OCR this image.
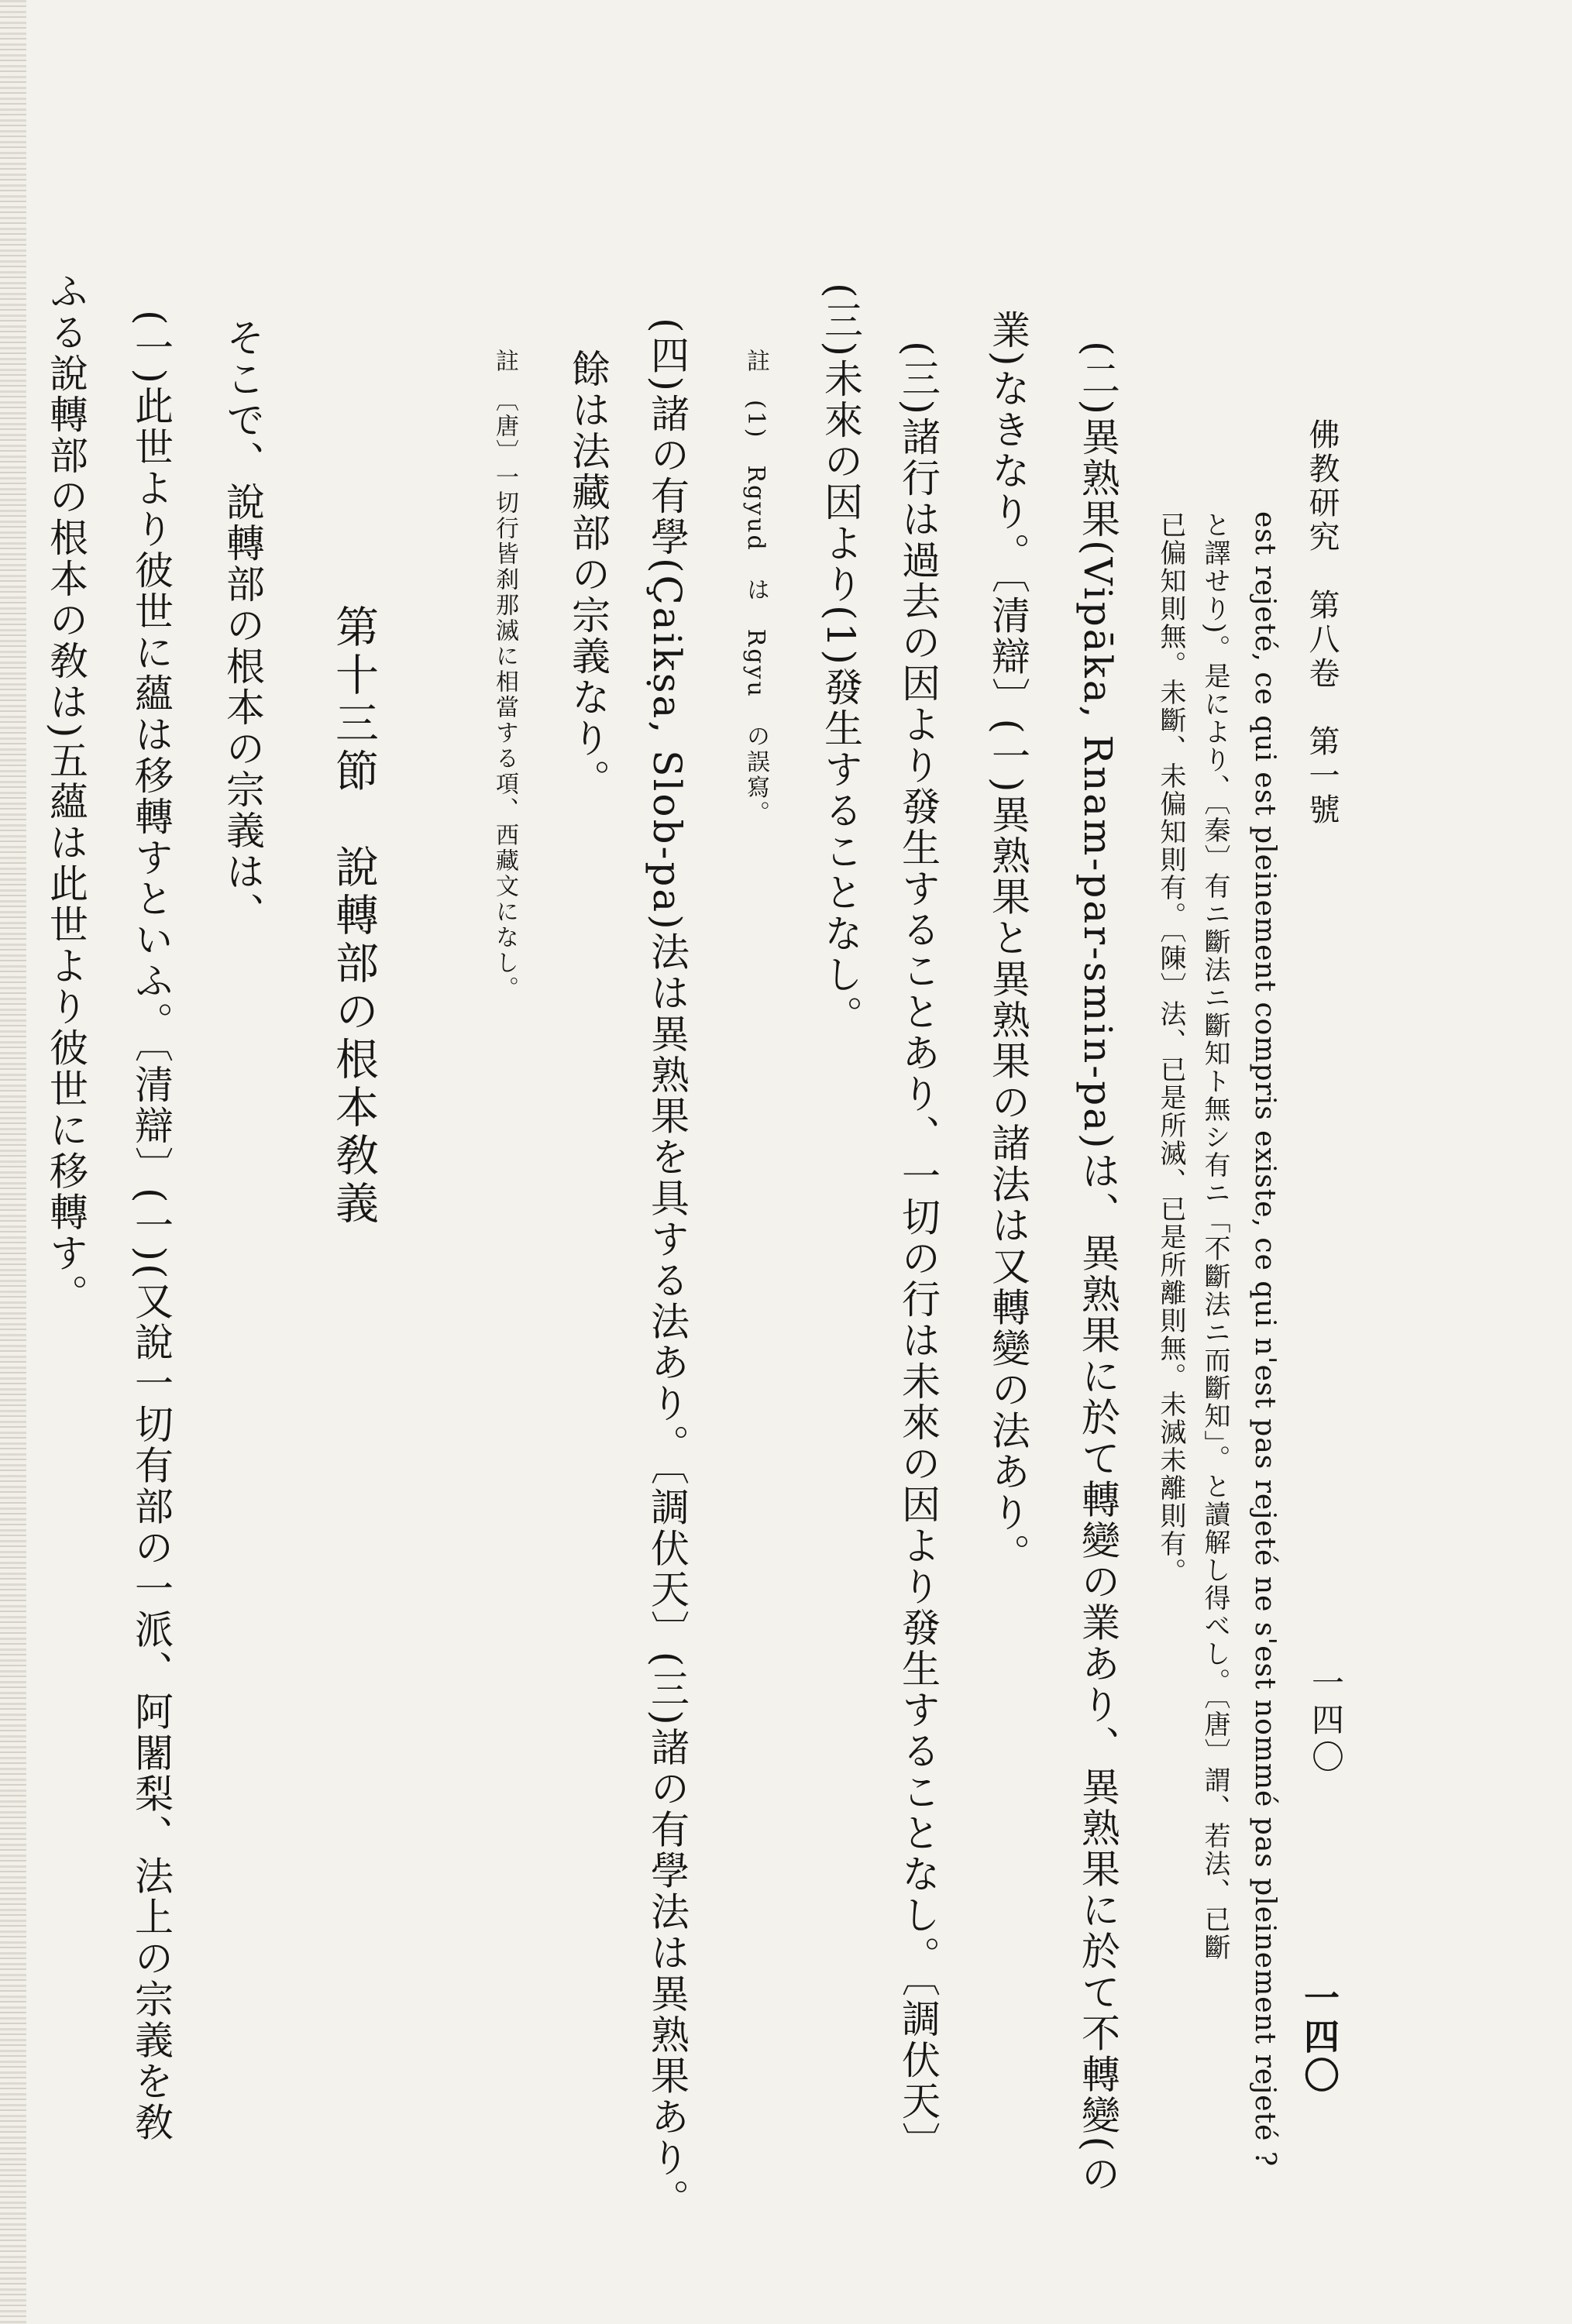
佛教研究　第八卷　第一號
一四〇
一四〇
est rejeté, ce qui est pleinement compris existe, ce qui n'est pas rejeté ne s'est nommé pas pleinement rejeté ?
と譯せり)。是により、〔秦〕有ニ斷法ニ斷知ト無シ有ニ「不斷法ニ而斷知」。と讀解し得べし。〔唐〕謂、若法、已斷
已偏知則無。未斷、未偏知則有。〔陳〕法、已是所滅、已是所離則無。未滅未離則有。
(二)異熟果(Vipāka, Rnam-par-smin-pa)は、異熟果に於て轉變の業あり、異熟果に於て不轉變(の
業)なきなり。〔清辯〕(一)異熟果と異熟果の諸法は又轉變の法あり。
(三)諸行は過去の因より發生することあり、一切の行は未來の因より發生することなし。〔調伏天〕
(三)未來の因より(1)發生することなし。
註　(1)　Rgyud　は　Rgyu　の誤寫。
(四)諸の有學(Çaikṣa, Slob-pa)法は異熟果を具する法あり。〔調伏天〕(三)諸の有學法は異熟果あり。
餘は法藏部の宗義なり。
註　〔唐〕一切行皆刹那滅に相當する項、西藏文になし。
第十三節　說轉部の根本敎義
そこで、說轉部の根本の宗義は、
(一)此世より彼世に蘊は移轉すといふ。〔清辯〕(一)(又說一切有部の一派、阿闍梨、法上の宗義を敎
ふる說轉部の根本の敎は)五蘊は此世より彼世に移轉す。
